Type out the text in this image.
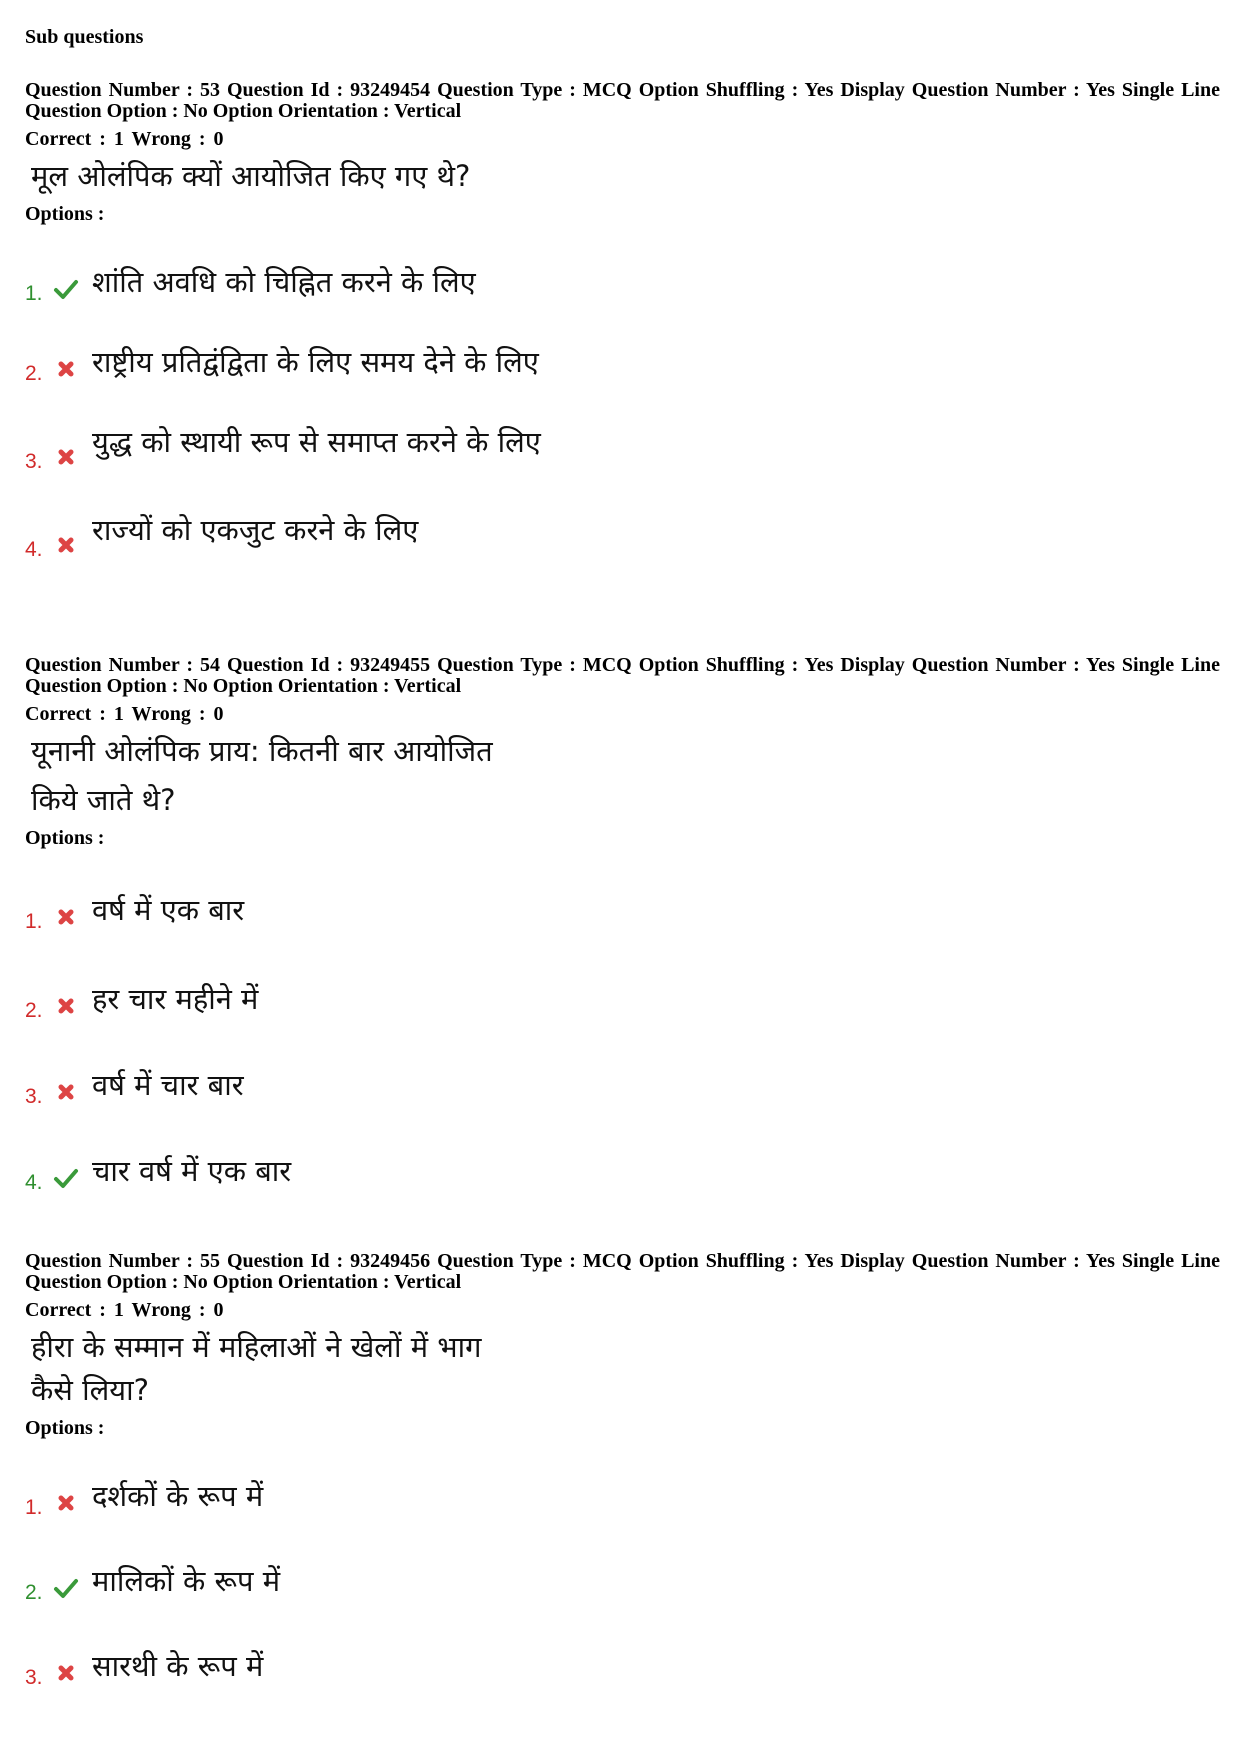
Sub questions
Question Number : 53 Question Id : 93249454 Question Type : MCQ Option Shuffling : Yes Display Question Number : Yes Single Line Question Option : No Option Orientation : Vertical
Correct : 1 Wrong : 0
मूल ओलंपिक क्यों आयोजित किए गए थे?
Options :
1. शांति अवधि को चिह्नित करने के लिए
2. राष्ट्रीय प्रतिद्वंद्विता के लिए समय देने के लिए
3.
युद्ध को स्थायी रूप से समाप्त करने के लिए
4.
राज्यों को एकजुट करने के लिए
Question Number : 54 Question Id : 93249455 Question Type : MCQ Option Shuffling : Yes Display Question Number : Yes Single Line Question Option : No Option Orientation : Vertical
Correct : 1 Wrong : 0
यूनानी ओलंपिक प्राय: कितनी बार आयोजित
किये जाते थे?
Options :
1. वर्ष में एक बार
2. हर चार महीने में
3. वर्ष में चार बार
4. चार वर्ष में एक बार
Question Number : 55 Question Id : 93249456 Question Type : MCQ Option Shuffling : Yes Display Question Number : Yes Single Line Question Option : No Option Orientation : Vertical
Correct : 1 Wrong : 0
हीरा के सम्मान में महिलाओं ने खेलों में भाग
कैसे लिया?
Options :
1. दर्शकों के रूप में
2. मालिकों के रूप में
3. सारथी के रूप में
